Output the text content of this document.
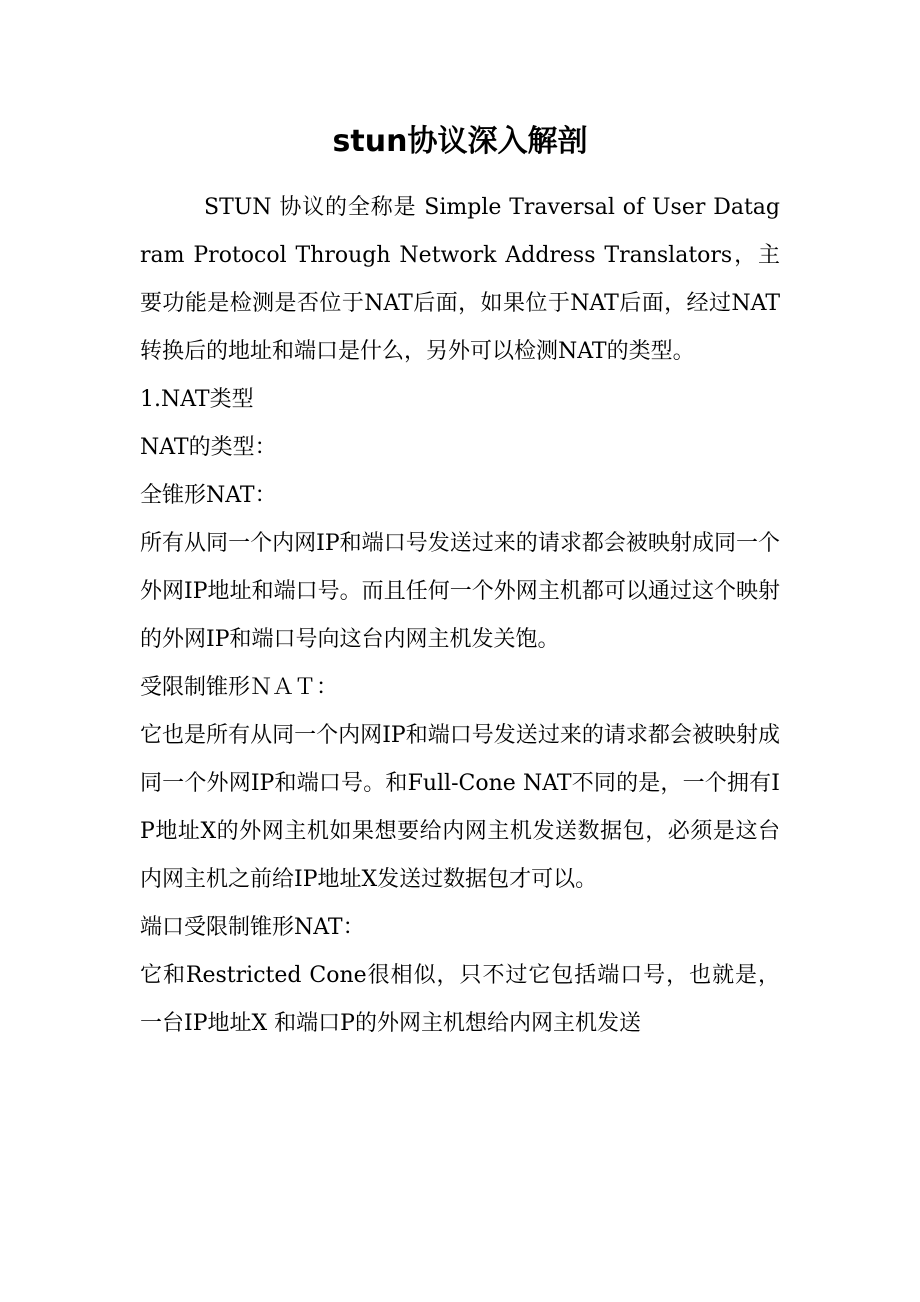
stun协议深入解剖

STUN 协议的全称是 Simple Traversal of User Datagram Protocol Through Network Address Translators，主要功能是检测是否位于NAT后面，如果位于NAT后面，经过NAT 转换后的地址和端口是什么，另外可以检测NAT的类型。

1.NAT类型

NAT的类型：

全锥形NAT：

所有从同一个内网IP和端口号发送过来的请求都会被映射成同一个外网IP地址和端口号。而且任何一个外网主机都可以通过这个映射的外网IP和端口号向这台内网主机发关饱。

受限制锥形ＮＡＴ：

它也是所有从同一个内网IP和端口号发送过来的请求都会被映射成同一个外网IP和端口号。和Full-Cone NAT不同的是，一个拥有IP地址X的外网主机如果想要给内网主机发送数据包，必须是这台内网主机之前给IP地址X发送过数据包才可以。

端口受限制锥形NAT：

它和Restricted Cone很相似，只不过它包括端口号，也就是，一台IP地址X 和端口P的外网主机想给内网主机发送
